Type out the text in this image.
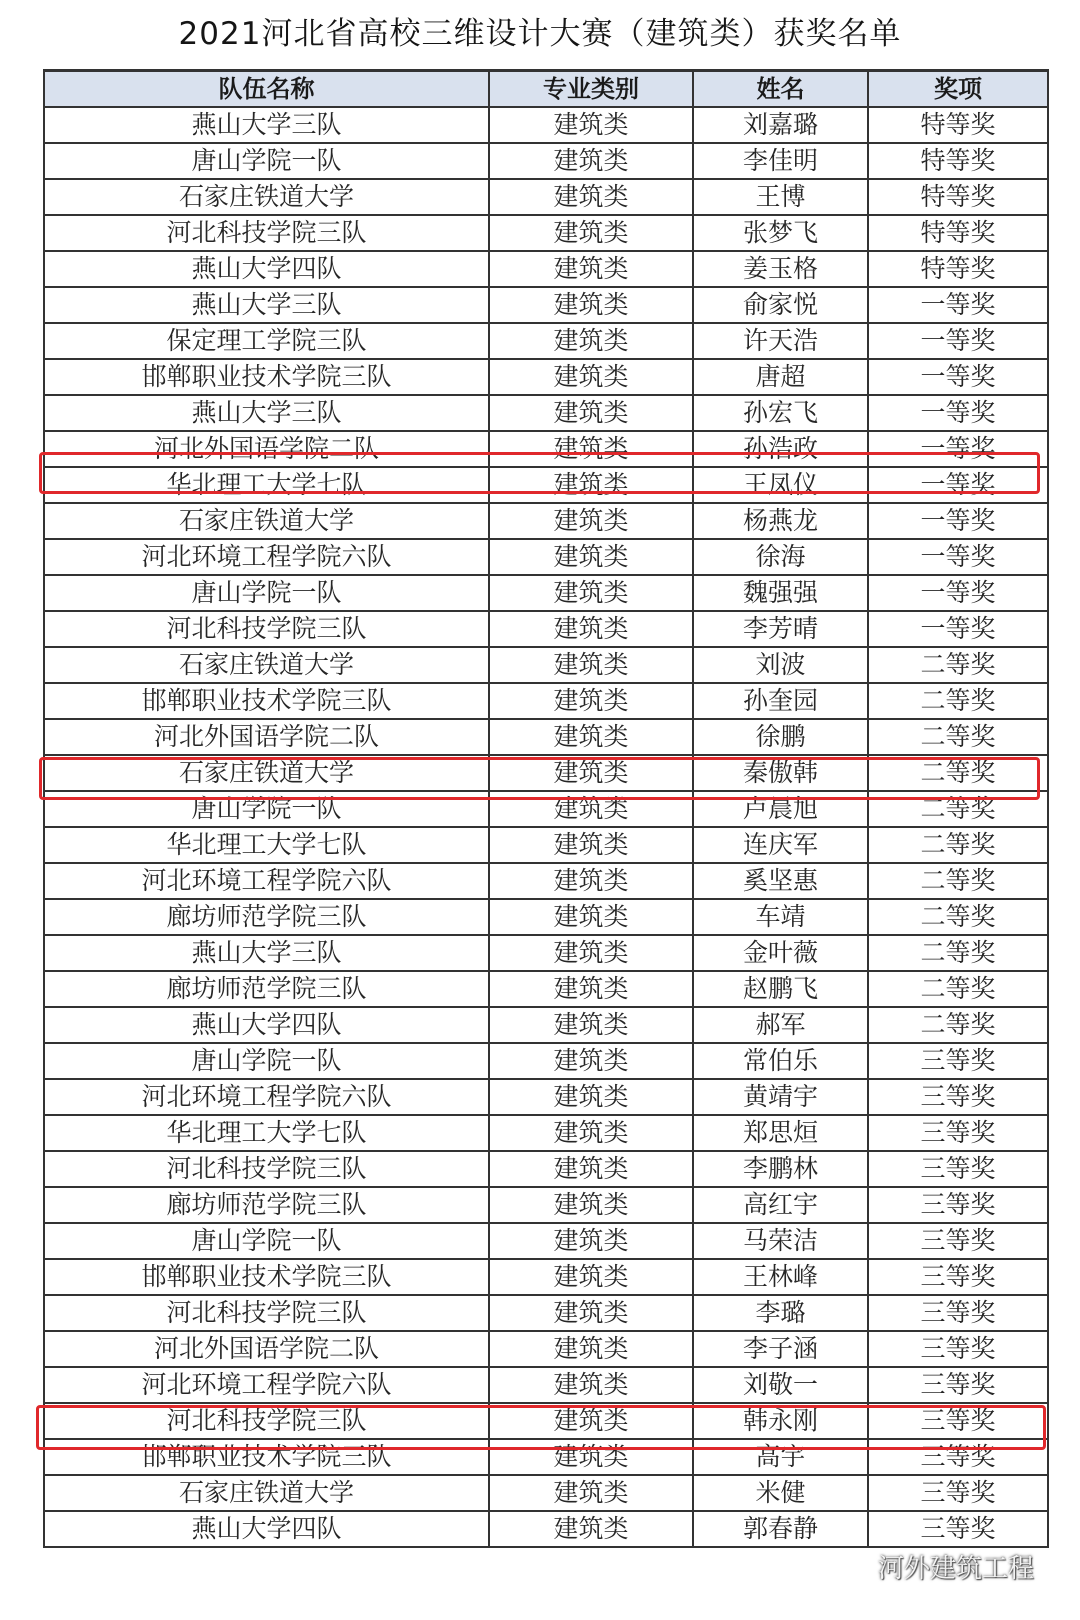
2021河北省高校三维设计大赛（建筑类）获奖名单
队伍名称	专业类别	姓名	奖项
燕山大学三队	建筑类	刘嘉璐	特等奖
唐山学院一队	建筑类	李佳明	特等奖
石家庄铁道大学	建筑类	王博	特等奖
河北科技学院三队	建筑类	张梦飞	特等奖
燕山大学四队	建筑类	姜玉格	特等奖
燕山大学三队	建筑类	俞家悦	一等奖
保定理工学院三队	建筑类	许天浩	一等奖
邯郸职业技术学院三队	建筑类	唐超	一等奖
燕山大学三队	建筑类	孙宏飞	一等奖
河北外国语学院二队	建筑类	孙浩政	一等奖
华北理工大学七队	建筑类	王凤仪	一等奖
石家庄铁道大学	建筑类	杨燕龙	一等奖
河北环境工程学院六队	建筑类	徐海	一等奖
唐山学院一队	建筑类	魏强强	一等奖
河北科技学院三队	建筑类	李芳晴	一等奖
石家庄铁道大学	建筑类	刘波	二等奖
邯郸职业技术学院三队	建筑类	孙奎园	二等奖
河北外国语学院二队	建筑类	徐鹏	二等奖
石家庄铁道大学	建筑类	秦傲韩	二等奖
唐山学院一队	建筑类	卢晨旭	二等奖
华北理工大学七队	建筑类	连庆军	二等奖
河北环境工程学院六队	建筑类	奚坚惠	二等奖
廊坊师范学院三队	建筑类	车靖	二等奖
燕山大学三队	建筑类	金叶薇	二等奖
廊坊师范学院三队	建筑类	赵鹏飞	二等奖
燕山大学四队	建筑类	郝军	二等奖
唐山学院一队	建筑类	常伯乐	三等奖
河北环境工程学院六队	建筑类	黄靖宇	三等奖
华北理工大学七队	建筑类	郑思烜	三等奖
河北科技学院三队	建筑类	李鹏林	三等奖
廊坊师范学院三队	建筑类	高红宇	三等奖
唐山学院一队	建筑类	马荣洁	三等奖
邯郸职业技术学院三队	建筑类	王林峰	三等奖
河北科技学院三队	建筑类	李璐	三等奖
河北外国语学院二队	建筑类	李子涵	三等奖
河北环境工程学院六队	建筑类	刘敬一	三等奖
河北科技学院三队	建筑类	韩永刚	三等奖
邯郸职业技术学院三队	建筑类	高宇	三等奖
石家庄铁道大学	建筑类	米健	三等奖
燕山大学四队	建筑类	郭春静	三等奖
河外建筑工程
